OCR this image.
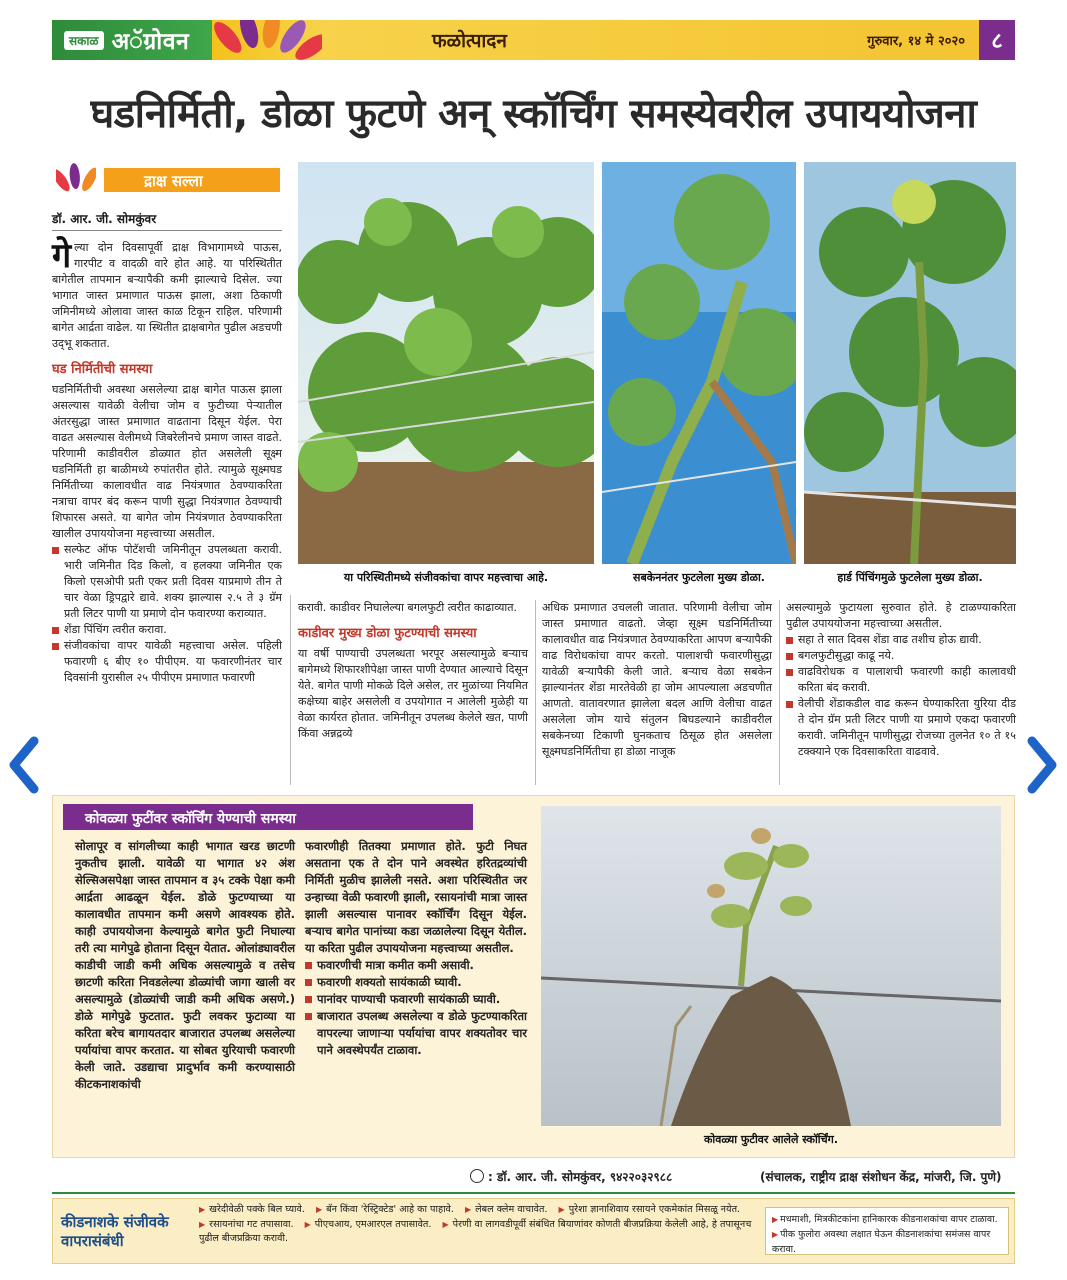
सकाळ अॅग्रोवन	फळोत्पादन	गुरुवार, १४ मे २०२०	८
घडनिर्मिती, डोळा फुटणे अन् स्कॉर्चिंग समस्येवरील उपाययोजना
द्राक्ष सल्ला
डॉ. आर. जी. सोमकुंवर

गेल्या दोन दिवसापूर्वी द्राक्ष विभागामध्ये पाऊस, गारपीट व वादळी वारे होत आहे. या परिस्थितीत बागेतील तापमान बऱ्यापैकी कमी झाल्याचे दिसेल. ज्या भागात जास्त प्रमाणात पाऊस झाला, अशा ठिकाणी जमिनीमध्ये ओलावा जास्त काळ टिकून राहिल. परिणामी बागेत आर्द्रता वाढेल. या स्थितीत द्राक्षबागेत पुढील अडचणी उद्‍भू शकतात.

घड निर्मितीची समस्या

घडनिर्मितीची अवस्था असलेल्या द्राक्ष बागेत पाऊस झाला असल्यास यावेळी वेलीचा जोम व फुटीच्या पेऱ्यातील अंतरसुद्धा जास्त प्रमाणात वाढताना दिसून येईल. पेरा वाढत असल्यास वेलीमध्ये जिबरेलीनचे प्रमाण जास्त वाढते. परिणामी काडीवरील डोळ्यात होत असलेली सूक्ष्म घडनिर्मिती हा बाळीमध्ये रुपांतरीत होते. त्यामुळे सूक्ष्मघड निर्मितीच्या कालावधीत वाढ नियंत्रणात ठेवण्याकरिता नत्राचा वापर बंद करून पाणी सुद्धा नियंत्रणात ठेवण्याची शिफारस असते. या बागेत जोम नियंत्रणात ठेवण्याकरिता खालील उपाययोजना महत्त्वाच्या असतील.

सल्फेट ऑफ पोटॅशची जमिनीतून उपलब्धता करावी. भारी जमिनीत दिड किलो, व हलक्या जमिनीत एक किलो एसओपी प्रती एकर प्रती दिवस याप्रमाणे तीन ते चार वेळा ड्रिपद्वारे द्यावे. शक्य झाल्यास २.५ ते ३ ग्रॅम प्रती लिटर पाणी या प्रमाणे दोन फवारण्या कराव्यात.
शेंडा पिंचिंग त्वरीत करावा.
संजीवकांचा वापर यावेळी महत्त्वाचा असेल. पहिली फवारणी ६ बीए १० पीपीएम. या फवारणीनंतर चार दिवसांनी युरासील २५ पीपीएम प्रमाणात फवारणी
या परिस्थितीमध्ये संजीवकांचा वापर महत्त्वाचा आहे.	सबकेननंतर फुटलेला मुख्य डोळा.	हार्ड पिंचिंगमुळे फुटलेला मुख्य डोळा.

करावी. काडीवर निघालेल्या बगलफुटी त्वरीत काढाव्यात.

काडीवर मुख्य डोळा फुटण्याची समस्या

या वर्षी पाण्याची उपलब्धता भरपूर असल्यामुळे बऱ्याच बागेमध्ये शिफारशीपेक्षा जास्त पाणी देण्यात आल्याचे दिसून येते. बागेत पाणी मोकळे दिले असेल, तर मुळांच्या नियमित कक्षेच्या बाहेर असलेली व उपयोगात न आलेली मुळेही या वेळा कार्यरत होतात. जमिनीतून उपलब्ध केलेले खत, पाणी किंवा अन्नद्रव्ये

अधिक प्रमाणात उचलली जातात. परिणामी वेलीचा जोम जास्त प्रमाणात वाढतो. जेव्हा सूक्ष्म घडनिर्मितीच्या कालावधीत वाढ नियंत्रणात ठेवण्याकरिता आपण बऱ्यापैकी वाढ विरोधकांचा वापर करतो. पालाशची फवारणीसुद्धा यावेळी बऱ्यापैकी केली जाते. बऱ्याच वेळा सबकेन झाल्यानंतर शेंडा मारतेवेळी हा जोम आपल्याला अडचणीत आणतो. वातावरणात झालेला बदल आणि वेलीचा वाढत असलेला जोम याचे संतुलन बिघडल्याने काडीवरील सबकेनच्या टिकाणी घुनकताच ठिसूळ होत असलेला सूक्ष्मघडनिर्मितीचा हा डोळा नाजूक

असल्यामुळे फुटायला सुरुवात होते. हे टाळण्याकरिता पुढील उपाययोजना महत्त्वाच्या असतील.

सहा ते सात दिवस शेंडा वाढ तशीच होऊ द्यावी.
बगलफुटीसुद्धा काढू नये.
वाढविरोधक व पालाशची फवारणी काही कालावधी करिता बंद करावी.
वेलीची शेंडाकडील वाढ करून घेण्याकरिता युरिया दीड ते दोन ग्रॅम प्रती लिटर पाणी या प्रमाणे एकदा फवारणी करावी. जमिनीतून पाणीसुद्धा रोजच्या तुलनेत १० ते १५ टक्क्याने एक दिवसाकरिता वाढवावे.
कोवळ्या फुटींवर स्कॉर्चिंग येण्याची समस्या
सोलापूर व सांगलीच्या काही भागात खरड छाटणी नुकतीच झाली. यावेळी या भागात ४२ अंश सेल्सिअसपेक्षा जास्त तापमान व ३५ टक्के पेक्षा कमी आर्द्रता आढळून येईल. डोळे फुटण्याच्या या कालावधीत तापमान कमी असणे आवश्यक होते. काही उपाययोजना केल्यामुळे बागेत फुटी निघाल्या तरी त्या मागेपुढे होताना दिसून येतात. ओलांड्यावरील काडीची जाडी कमी अधिक असल्यामुळे व तसेच छाटणी करिता निवडलेल्या डोळ्यांची जागा खाली वर असल्यामुळे (डोळ्यांची जाडी कमी अधिक असणे.) डोळे मागेपुढे फुटतात. फुटी लवकर फुटाव्या या करिता बरेच बागायतदार बाजारात उपलब्ध असलेल्या पर्यायांचा वापर करतात. या सोबत युरियाची फवारणी केली जाते. उडद्याचा प्रादुर्भाव कमी करण्यासाठी कीटकनाशकांची

फवारणीही तितक्या प्रमाणात होते. फुटी निघत असताना एक ते दोन पाने अवस्थेत हरितद्रव्यांची निर्मिती मुळीच झालेली नसते. अशा परिस्थितीत जर उन्हाच्या वेळी फवारणी झाली, रसायनांची मात्रा जास्त झाली असल्यास पानावर स्कॉर्चिंग दिसून येईल. बऱ्याच बागेत पानांच्या कडा जळालेल्या दिसून येतील. या करिता पुढील उपाययोजना महत्त्वाच्या असतील.

फवारणीची मात्रा कमीत कमी असावी.
फवारणी शक्यतो सायंकाळी घ्यावी.
पानांवर पाण्याची फवारणी सायंकाळी घ्यावी.
बाजारात उपलब्ध असलेल्या व डोळे फुटण्याकरिता वापरल्या जाणाऱ्या पर्यायांचा वापर शक्यतोवर चार पाने अवस्थेपर्यंत टाळावा.
कोवळ्या फुटीवर आलेले स्कॉर्चिंग.
: डॉ. आर. जी. सोमकुंवर, ९४२२०३२९८८	(संचालक, राष्ट्रीय द्राक्ष संशोधन केंद्र, मांजरी, जि. पुणे)
कीडनाशके संजीवके वापरासंबंधी
▶ खरेदीवेळी पक्के बिल घ्यावे. ▶ बॅन किंवा 'रेस्ट्रिक्टेड' आहे का पाहावे. ▶ लेबल क्लेम वाचावेत. ▶ पुरेशा ज्ञानाशिवाय रसायने एकमेकांत मिसळू नयेत. ▶ रसायनांचा गट तपासावा. ▶ पीएचआय, एमआरएल तपासावेत. ▶ पेरणी वा लागवडीपूर्वी संबंधित बियाणांवर कोणती बीजप्रक्रिया केलेली आहे, हे तपासूनच पुढील बीजप्रक्रिया करावी.
▶ मधमाशी, मित्रकीटकांना हानिकारक कीडनाशकांचा वापर टाळावा.
▶ पीक फुलोरा अवस्था लक्षात घेऊन कीडनाशकांचा समंजस वापर करावा.
